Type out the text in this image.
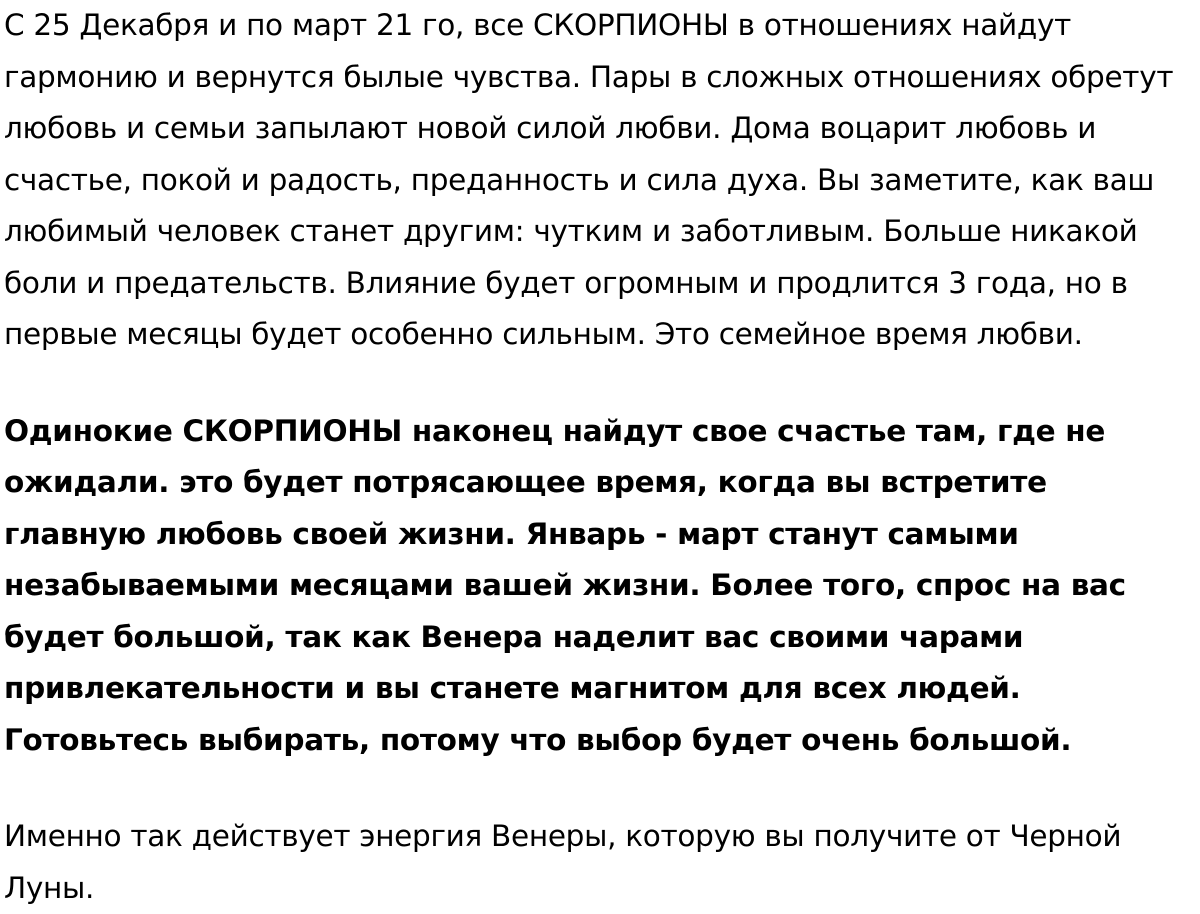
С 25 Декабря и по март 21 го, все СКОРПИОНЫ в отношениях найдут гармонию и вернутся былые чувства. Пары в сложных отношениях обретут любовь и семьи запылают новой силой любви. Дома воцарит любовь и счастье, покой и радость, преданность и сила духа. Вы заметите, как ваш любимый человек станет другим: чутким и заботливым. Больше никакой боли и предательств. Влияние будет огромным и продлится 3 года, но в первые месяцы будет особенно сильным. Это семейное время любви.

Одинокие СКОРПИОНЫ наконец найдут свое счастье там, где не ожидали. это будет потрясающее время, когда вы встретите главную любовь своей жизни. Январь - март станут самыми незабываемыми месяцами вашей жизни. Более того, спрос на вас будет большой, так как Венера наделит вас своими чарами привлекательности и вы станете магнитом для всех людей. Готовьтесь выбирать, потому что выбор будет очень большой.

Именно так действует энергия Венеры, которую вы получите от Черной Луны.
